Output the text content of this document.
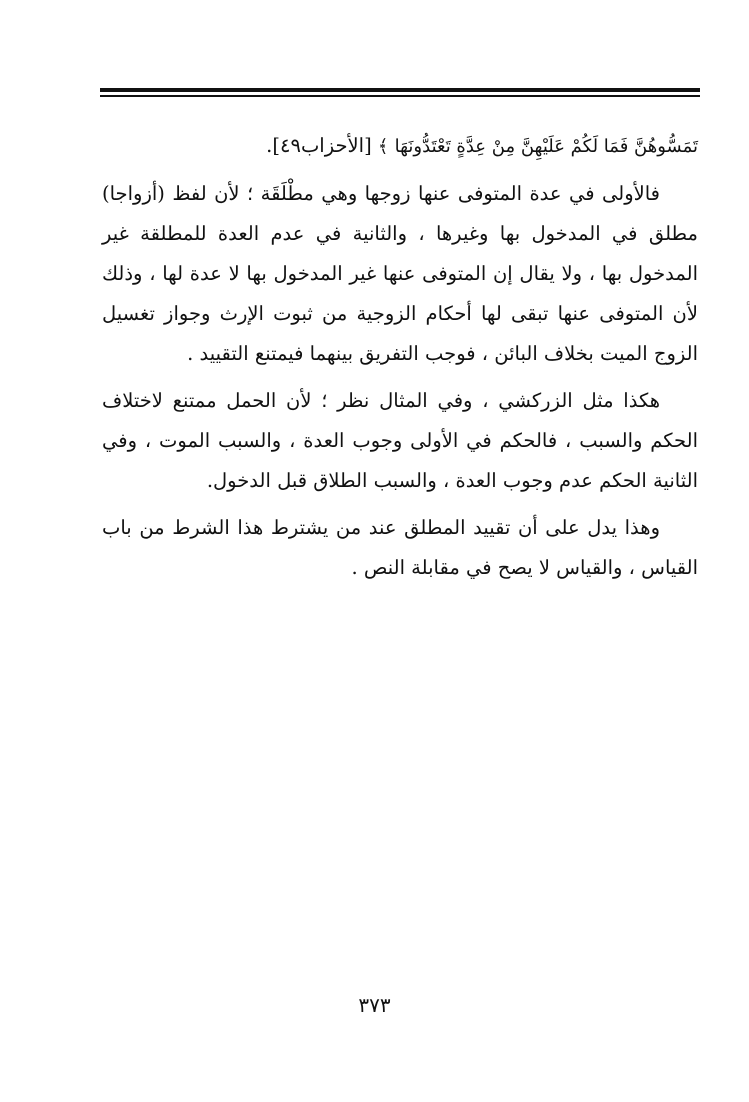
تَمَسُّوهُنَّ فَمَا لَكُمْ عَلَيْهِنَّ مِنْ عِدَّةٍ تَعْتَدُّونَهَا ﴾ [الأحزاب٤٩].

فالأولى في عدة المتوفى عنها زوجها وهي مطْلَقَة ؛ لأن لفظ (أزواجا) مطلق في المدخول بها وغيرها ، والثانية في عدم العدة للمطلقة غير المدخول بها ، ولا يقال إن المتوفى عنها غير المدخول بها لا عدة لها ، وذلك لأن المتوفى عنها تبقى لها أحكام الزوجية من ثبوت الإرث وجواز تغسيل الزوج الميت بخلاف البائن ، فوجب التفريق بينهما فيمتنع التقييد .

هكذا مثل الزركشي ، وفي المثال نظر ؛ لأن الحمل ممتنع لاختلاف الحكم والسبب ، فالحكم في الأولى وجوب العدة ، والسبب الموت ، وفي الثانية الحكم عدم وجوب العدة ، والسبب الطلاق قبل الدخول.

وهذا يدل على أن تقييد المطلق عند من يشترط هذا الشرط من باب القياس ، والقياس لا يصح في مقابلة النص .

٣٧٣
